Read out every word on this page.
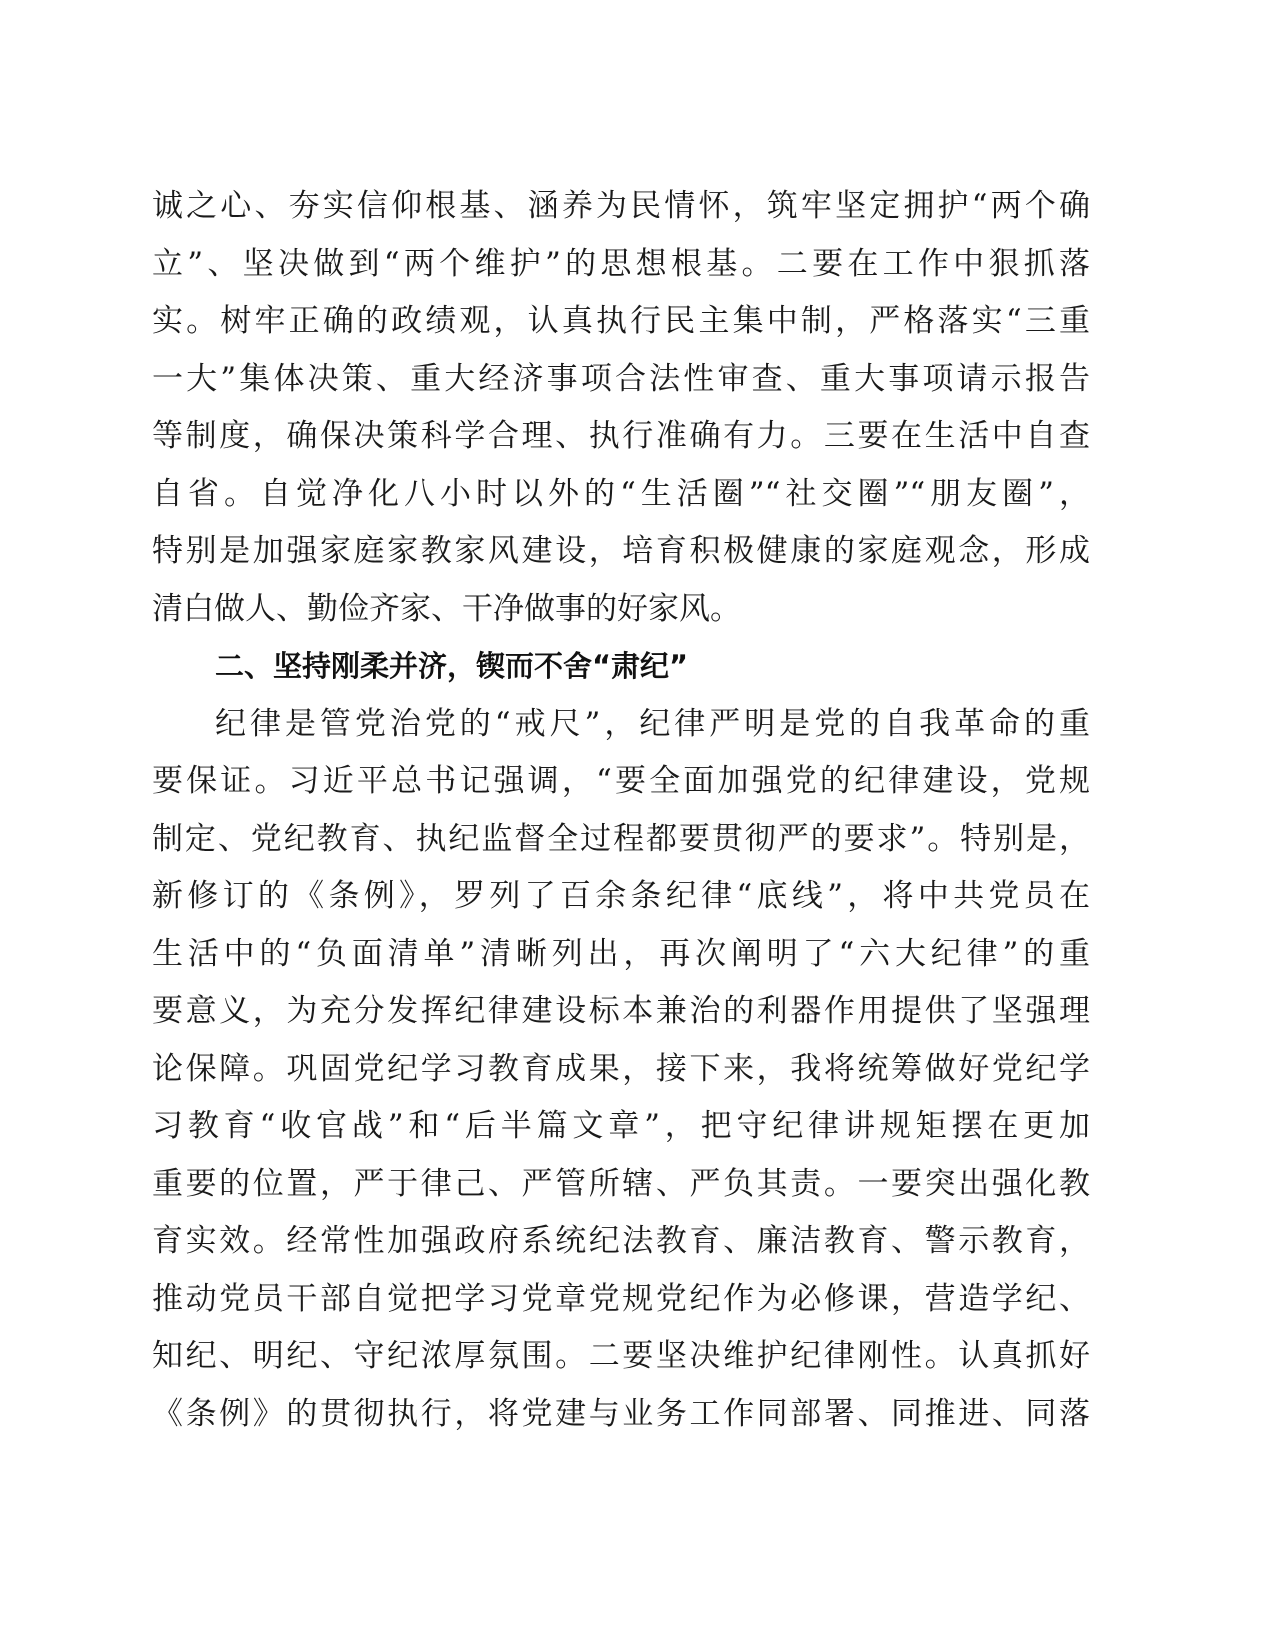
诚之心、夯实信仰根基、涵养为民情怀，筑牢坚定拥护“两个确
立”、坚决做到“两个维护”的思想根基。二要在工作中狠抓落
实。树牢正确的政绩观，认真执行民主集中制，严格落实“三重
一大”集体决策、重大经济事项合法性审查、重大事项请示报告
等制度，确保决策科学合理、执行准确有力。三要在生活中自查
自省。自觉净化八小时以外的“生活圈”“社交圈”“朋友圈”，
特别是加强家庭家教家风建设，培育积极健康的家庭观念，形成
清白做人、勤俭齐家、干净做事的好家风。
二、坚持刚柔并济，锲而不舍“肃纪”
纪律是管党治党的“戒尺”，纪律严明是党的自我革命的重
要保证。习近平总书记强调，“要全面加强党的纪律建设，党规
制定、党纪教育、执纪监督全过程都要贯彻严的要求”。特别是，
新修订的《条例》，罗列了百余条纪律“底线”，将中共党员在
生活中的“负面清单”清晰列出，再次阐明了“六大纪律”的重
要意义，为充分发挥纪律建设标本兼治的利器作用提供了坚强理
论保障。巩固党纪学习教育成果，接下来，我将统筹做好党纪学
习教育“收官战”和“后半篇文章”，把守纪律讲规矩摆在更加
重要的位置，严于律己、严管所辖、严负其责。一要突出强化教
育实效。经常性加强政府系统纪法教育、廉洁教育、警示教育，
推动党员干部自觉把学习党章党规党纪作为必修课，营造学纪、
知纪、明纪、守纪浓厚氛围。二要坚决维护纪律刚性。认真抓好
《条例》的贯彻执行，将党建与业务工作同部署、同推进、同落
